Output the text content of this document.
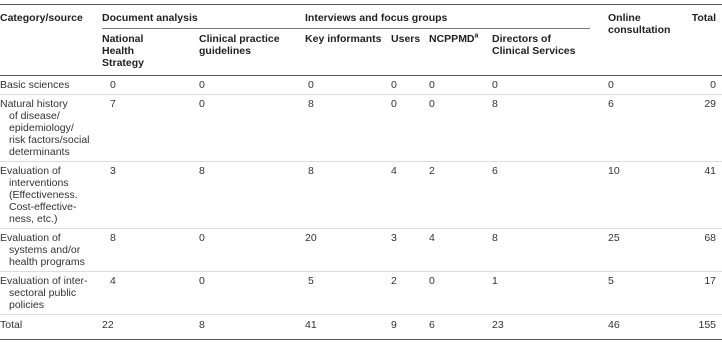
Category/source	Document analysis		Interviews and focus groups				Online consultation	Total

	National Health Strategy	Clinical practice guidelines	Key informants	Users	NCPPMD$^a$	Directors of Clinical Services		

Basic sciences	0	0	0	0	0	0	0	0

Natural history
of disease/
epidemiology/
risk factors/social
determinants	7	0	8	0	0	8	6	29

Evaluation of
interventions
(Effectiveness.
Cost-effective-
ness, etc.)	3	8	8	4	2	6	10	41

Evaluation of
systems and/or
health programs	8	0	20	3	4	8	25	68

Evaluation of inter-
sectoral public
policies	4	0	5	2	0	1	5	17

Total	22	8	41	9	6	23	46	155
